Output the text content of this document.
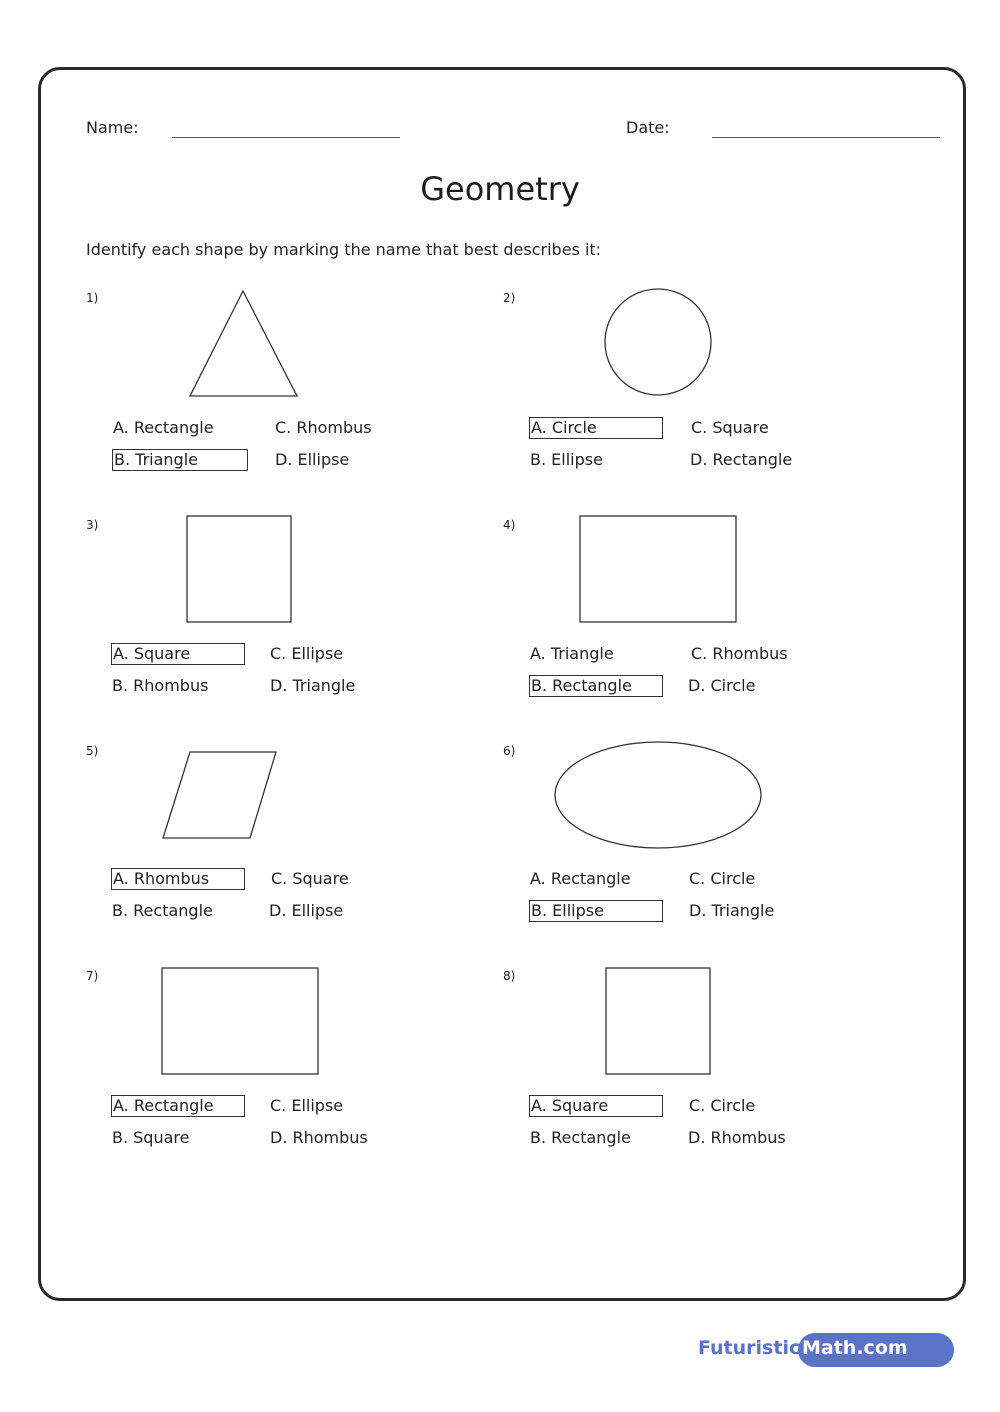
Name:	Date:
Geometry
Identify each shape by marking the name that best describes it:
1)
A. Rectangle
B. Triangle
C. Rhombus
D. Ellipse
2)
A. Circle
B. Ellipse
C. Square
D. Rectangle
3)
A. Square
B. Rhombus
C. Ellipse
D. Triangle
4)
A. Triangle
B. Rectangle
C. Rhombus
D. Circle
5)
A. Rhombus
B. Rectangle
C. Square
D. Ellipse
6)
A. Rectangle
B. Ellipse
C. Circle
D. Triangle
7)
A. Rectangle
B. Square
C. Ellipse
D. Rhombus
8)
A. Square
B. Rectangle
C. Circle
D. Rhombus
Futuristic Math.com
